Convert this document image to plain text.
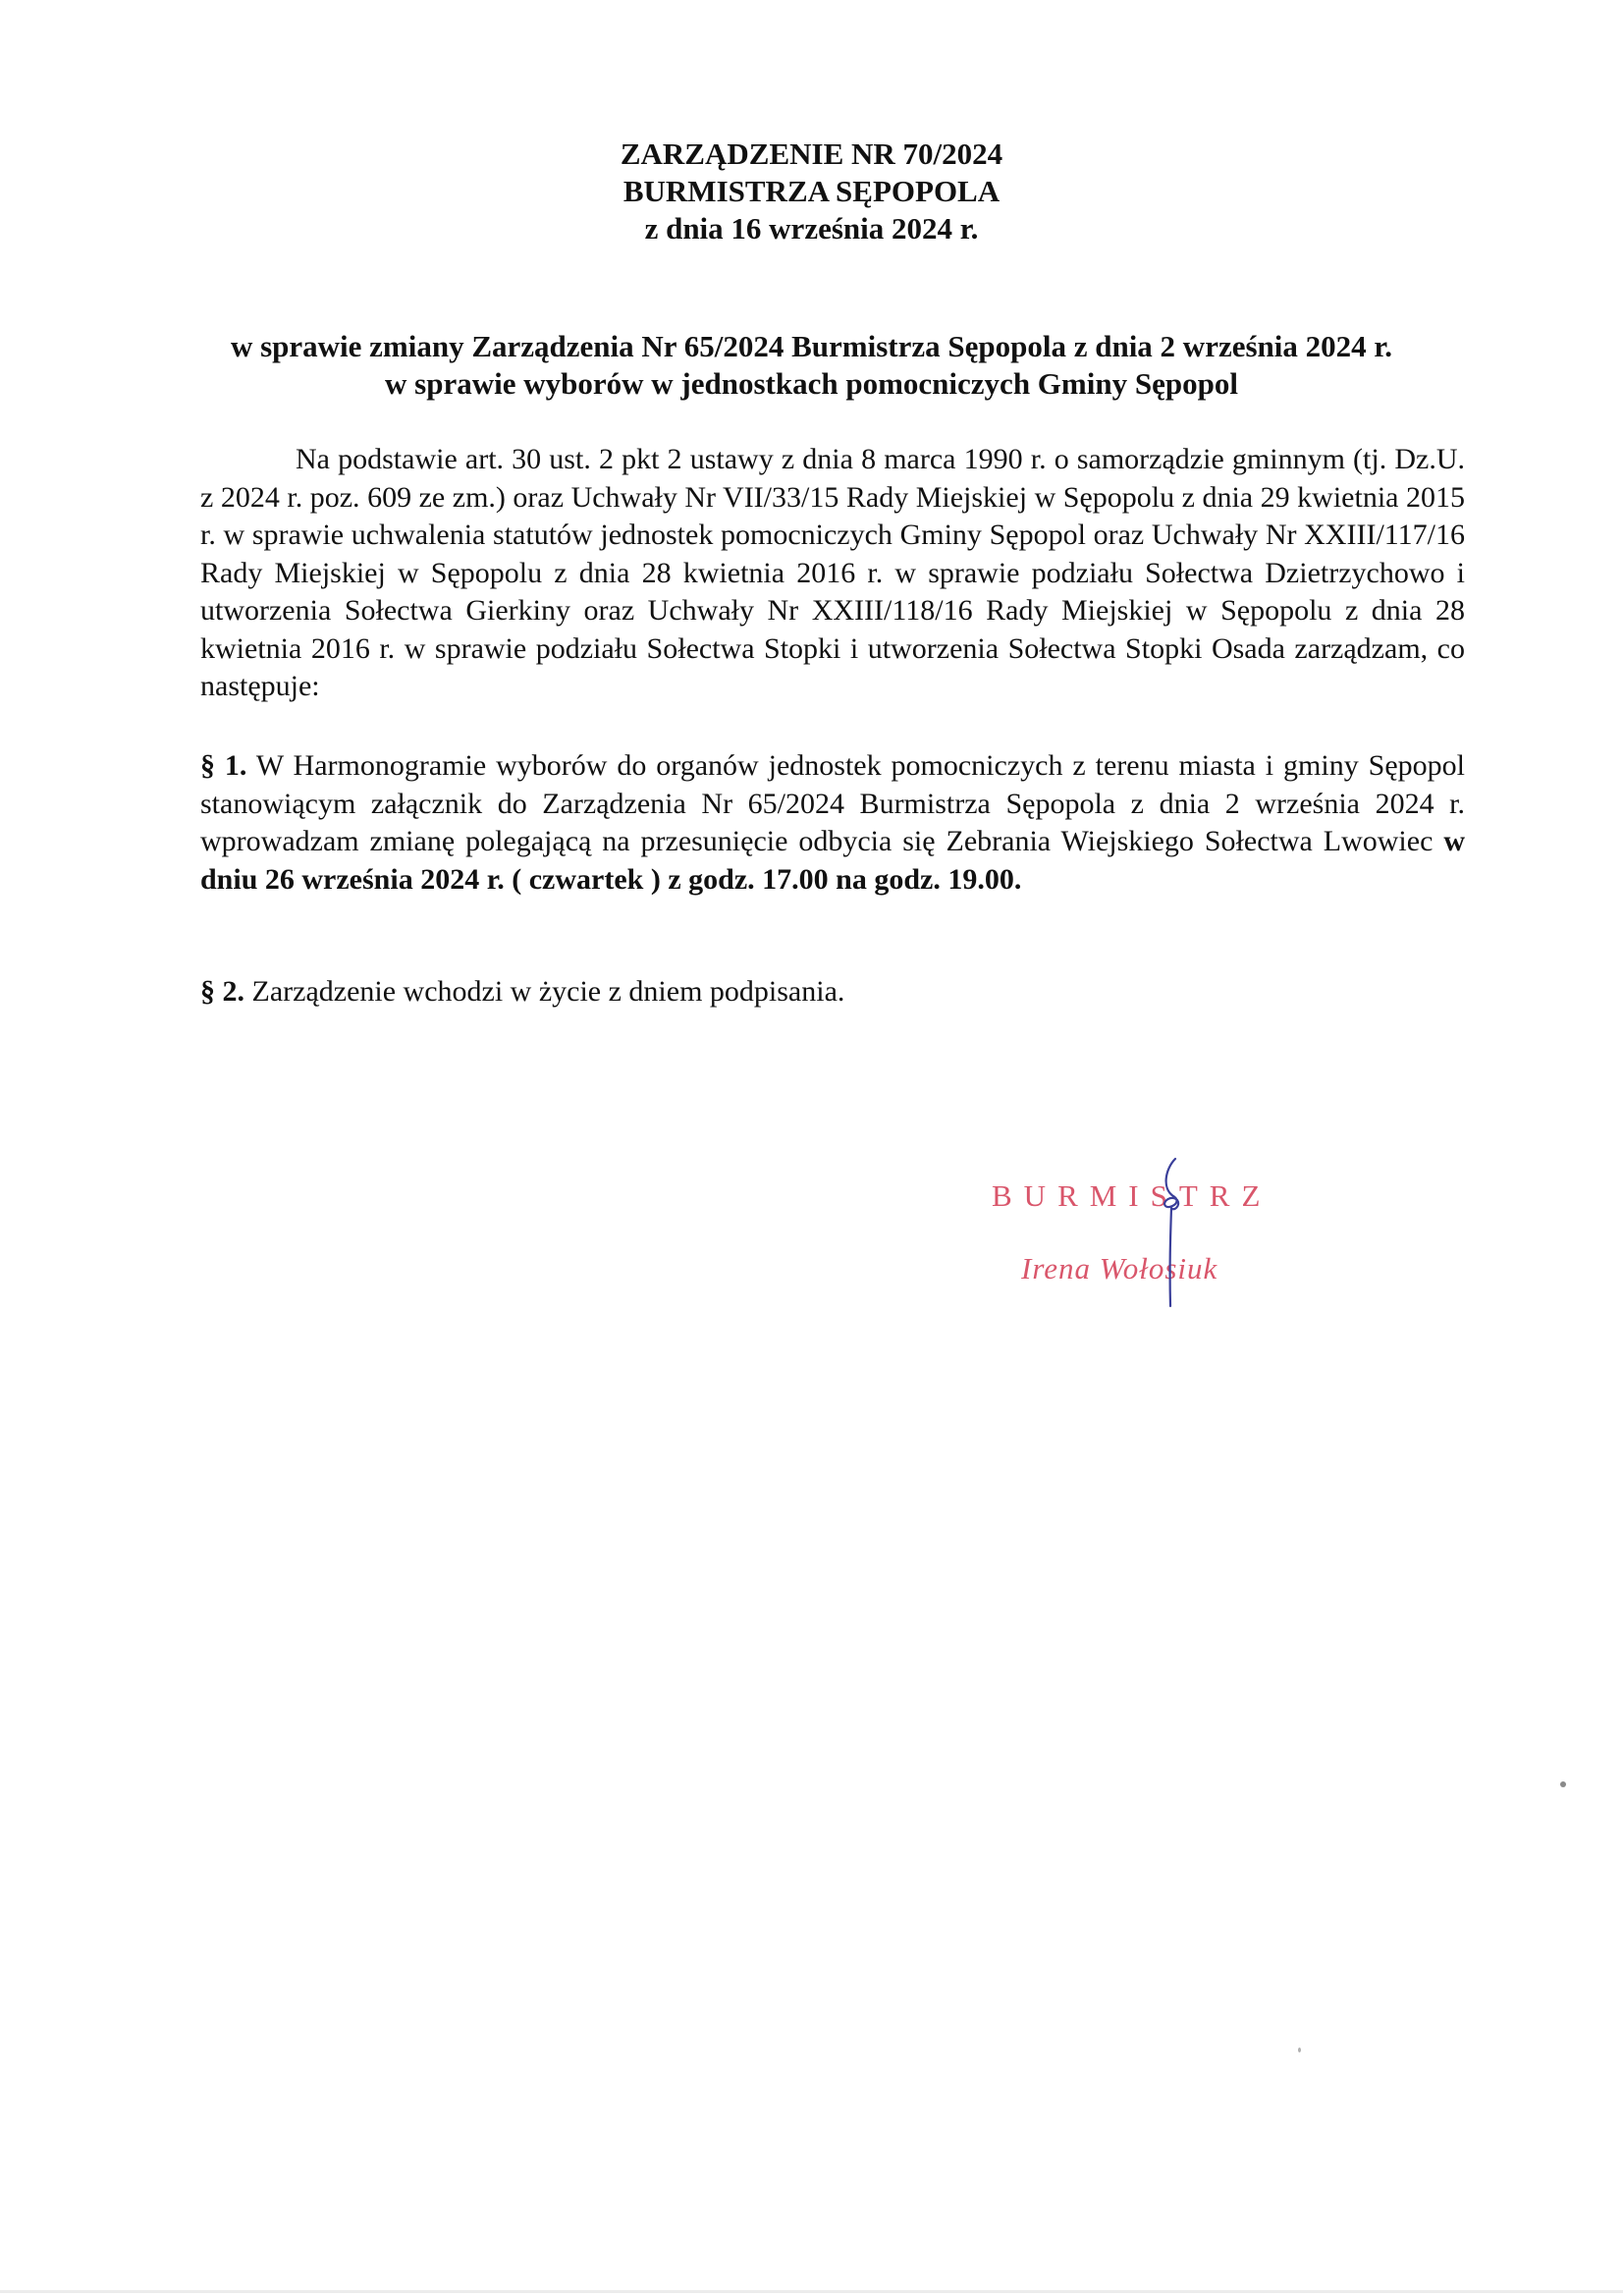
ZARZĄDZENIE NR 70/2024
BURMISTRZA SĘPOPOLA
z dnia 16 września 2024 r.
w sprawie zmiany Zarządzenia Nr 65/2024 Burmistrza Sępopola z dnia 2 września 2024 r.
w sprawie wyborów w jednostkach pomocniczych Gminy Sępopol
Na podstawie art. 30 ust. 2 pkt 2 ustawy z dnia 8 marca 1990 r. o samorządzie gminnym (tj. Dz.U. z 2024 r. poz. 609 ze zm.) oraz Uchwały Nr VII/33/15 Rady Miejskiej w Sępopolu z dnia 29 kwietnia 2015 r. w sprawie uchwalenia statutów jednostek pomocniczych Gminy Sępopol oraz Uchwały Nr XXIII/117/16 Rady Miejskiej w Sępopolu z dnia 28 kwietnia 2016 r. w sprawie podziału Sołectwa Dzietrzychowo i utworzenia Sołectwa Gierkiny oraz Uchwały Nr XXIII/118/16 Rady Miejskiej w Sępopolu z dnia 28 kwietnia 2016 r. w sprawie podziału Sołectwa Stopki i utworzenia Sołectwa Stopki Osada zarządzam, co następuje:
§ 1. W Harmonogramie wyborów do organów jednostek pomocniczych z terenu miasta i gminy Sępopol stanowiącym załącznik do Zarządzenia Nr 65/2024 Burmistrza Sępopola z dnia 2 września 2024 r. wprowadzam zmianę polegającą na przesunięcie odbycia się Zebrania Wiejskiego Sołectwa Lwowiec w dniu 26 września 2024 r. ( czwartek ) z godz. 17.00 na godz. 19.00.
§ 2. Zarządzenie wchodzi w życie z dniem podpisania.
BURMISTRZ
Irena Wołosiuk
